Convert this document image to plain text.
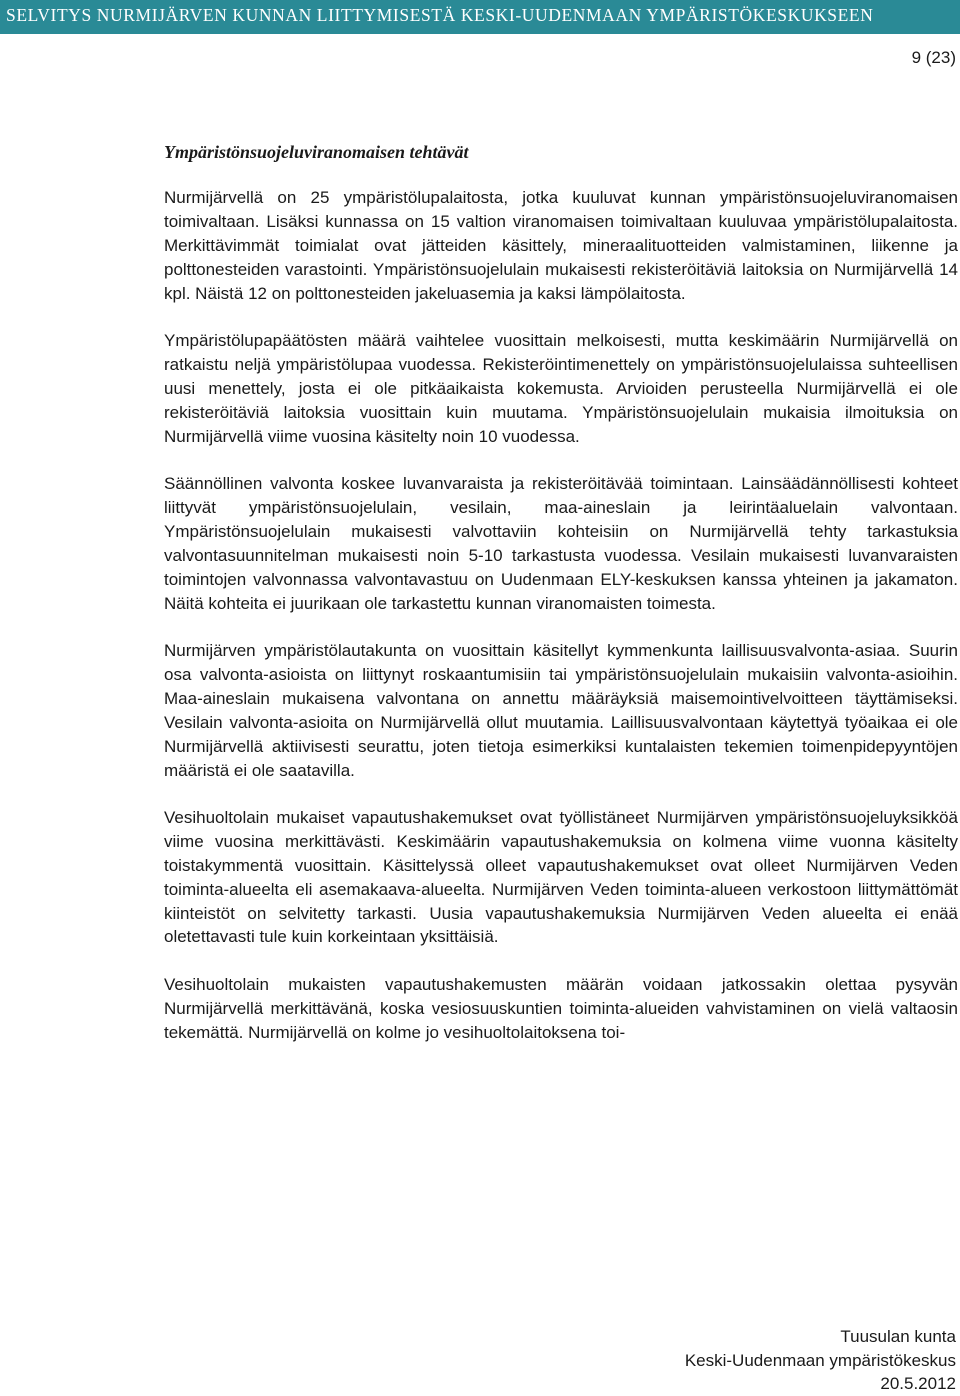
SELVITYS NURMIJÄRVEN KUNNAN LIITTYMISESTÄ KESKI-UUDENMAAN YMPÄRISTÖKESKUKSEEN
9 (23)
Ympäristönsuojeluviranomaisen tehtävät

Nurmijärvellä on 25 ympäristölupalaitosta, jotka kuuluvat kunnan ympäristönsuojeluviranomaisen toimivaltaan. Lisäksi kunnassa on 15 valtion viranomaisen toimivaltaan kuuluvaa ympäristölupalaitosta. Merkittävimmät toimialat ovat jätteiden käsittely, mineraalituotteiden valmistaminen, liikenne ja polttonesteiden varastointi. Ympäristönsuojelulain mukaisesti rekisteröitäviä laitoksia on Nurmijärvellä 14 kpl. Näistä 12 on polttonesteiden jakeluasemia ja kaksi lämpölaitosta.

Ympäristölupapäätösten määrä vaihtelee vuosittain melkoisesti, mutta keskimäärin Nurmijärvellä on ratkaistu neljä ympäristölupaa vuodessa. Rekisteröintimenettely on ympäristönsuojelulaissa suhteellisen uusi menettely, josta ei ole pitkäaikaista kokemusta. Arvioiden perusteella Nurmijärvellä ei ole rekisteröitäviä laitoksia vuosittain kuin muutama. Ympäristönsuojelulain mukaisia ilmoituksia on Nurmijärvellä viime vuosina käsitelty noin 10 vuodessa.

Säännöllinen valvonta koskee luvanvaraista ja rekisteröitävää toimintaan. Lainsäädännöllisesti kohteet liittyvät ympäristönsuojelulain, vesilain, maa-aineslain ja leirintäaluelain valvontaan. Ympäristönsuojelulain mukaisesti valvottaviin kohteisiin on Nurmijärvellä tehty tarkastuksia valvontasuunnitelman mukaisesti noin 5-10 tarkastusta vuodessa. Vesilain mukaisesti luvanvaraisten toimintojen valvonnassa valvontavastuu on Uudenmaan ELY-keskuksen kanssa yhteinen ja jakamaton. Näitä kohteita ei juurikaan ole tarkastettu kunnan viranomaisten toimesta.

Nurmijärven ympäristölautakunta on vuosittain käsitellyt kymmenkunta laillisuusvalvonta-asiaa. Suurin osa valvonta-asioista on liittynyt roskaantumisiin tai ympäristönsuojelulain mukaisiin valvonta-asioihin. Maa-aineslain mukaisena valvontana on annettu määräyksiä maisemointivelvoitteen täyttämiseksi. Vesilain valvonta-asioita on Nurmijärvellä ollut muutamia. Laillisuusvalvontaan käytettyä työaikaa ei ole Nurmijärvellä aktiivisesti seurattu, joten tietoja esimerkiksi kuntalaisten tekemien toimenpidepyyntöjen määristä ei ole saatavilla.

Vesihuoltolain mukaiset vapautushakemukset ovat työllistäneet Nurmijärven ympäristönsuojeluyksikköä viime vuosina merkittävästi. Keskimäärin vapautushakemuksia on kolmena viime vuonna käsitelty toistakymmentä vuosittain. Käsittelyssä olleet vapautushakemukset ovat olleet Nurmijärven Veden toiminta-alueelta eli asemakaava-alueelta. Nurmijärven Veden toiminta-alueen verkostoon liittymättömät kiinteistöt on selvitetty tarkasti. Uusia vapautushakemuksia Nurmijärven Veden alueelta ei enää oletettavasti tule kuin korkeintaan yksittäisiä.

Vesihuoltolain mukaisten vapautushakemusten määrän voidaan jatkossakin olettaa pysyvän Nurmijärvellä merkittävänä, koska vesiosuuskuntien toiminta-alueiden vahvistaminen on vielä valtaosin tekemättä. Nurmijärvellä on kolme jo vesihuoltolaitoksena toi-

Tuusulan kunta
Keski-Uudenmaan ympäristökeskus
20.5.2012
